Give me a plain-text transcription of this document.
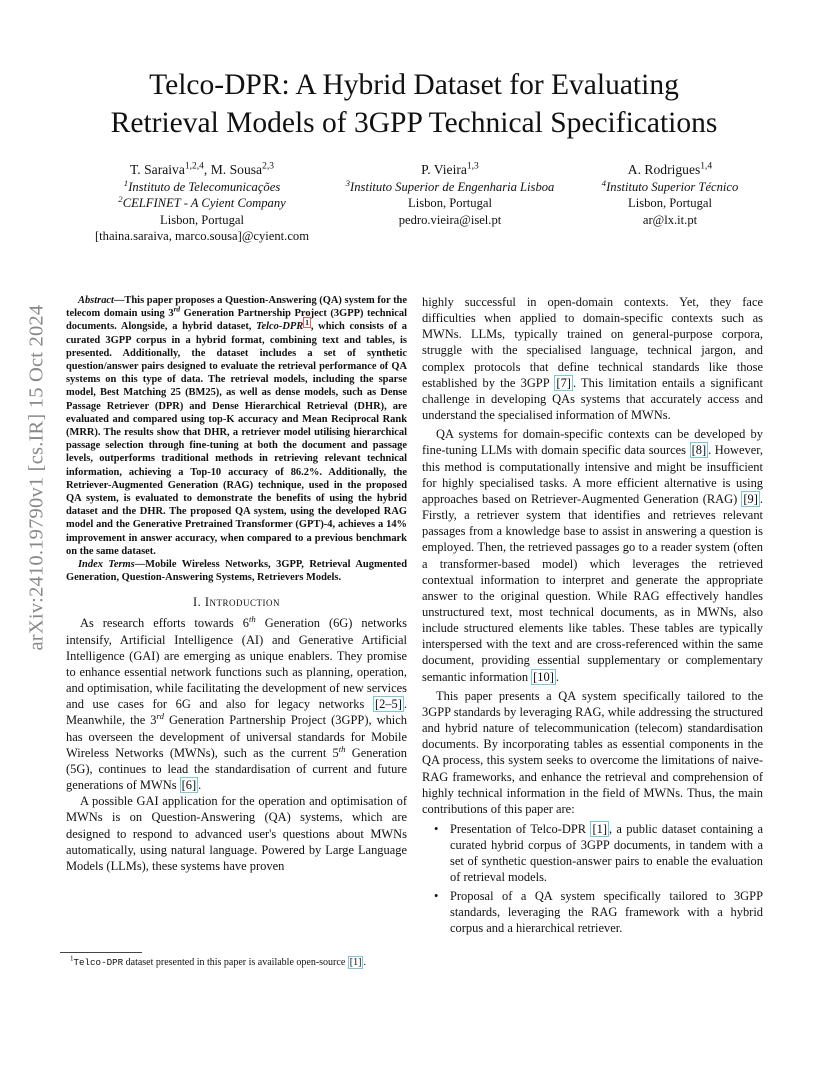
arXiv:2410.19790v1 [cs.IR] 15 Oct 2024
Telco-DPR: A Hybrid Dataset for Evaluating
Retrieval Models of 3GPP Technical Specifications
T. Saraiva$^{1,2,4}$, M. Sousa$^{2,3}$
$^1$Instituto de Telecomunicações
$^2$CELFINET - A Cyient Company
Lisbon, Portugal
[thaina.saraiva, marco.sousa]@cyient.com
P. Vieira$^{1,3}$
$^3$Instituto Superior de Engenharia Lisboa
Lisbon, Portugal
pedro.vieira@isel.pt
A. Rodrigues$^{1,4}$
$^4$Instituto Superior Técnico
Lisbon, Portugal
ar@lx.it.pt

Abstract—This paper proposes a Question-Answering (QA) system for the telecom domain using 3rd Generation Partnership Project (3GPP) technical documents. Alongside, a hybrid dataset, Telco-DPR $^1$ , which consists of a curated 3GPP corpus in a hybrid format, combining text and tables, is presented. Additionally, the dataset includes a set of synthetic question/answer pairs designed to evaluate the retrieval performance of QA systems on this type of data. The retrieval models, including the sparse model, Best Matching 25 (BM25), as well as dense models, such as Dense Passage Retriever (DPR) and Dense Hierarchical Retrieval (DHR), are evaluated and compared using top-K accuracy and Mean Reciprocal Rank (MRR). The results show that DHR, a retriever model utilising hierarchical passage selection through fine-tuning at both the document and passage levels, outperforms traditional methods in retrieving relevant technical information, achieving a Top-10 accuracy of 86.2%. Additionally, the Retriever-Augmented Generation (RAG) technique, used in the proposed QA system, is evaluated to demonstrate the benefits of using the hybrid dataset and the DHR. The proposed QA system, using the developed RAG model and the Generative Pretrained Transformer (GPT)-4, achieves a 14% improvement in answer accuracy, when compared to a previous benchmark on the same dataset.

Index Terms—Mobile Wireless Networks, 3GPP, Retrieval Augmented Generation, Question-Answering Systems, Retrievers Models.

I. Introduction

As research efforts towards 6th Generation (6G) networks intensify, Artificial Intelligence (AI) and Generative Artificial Intelligence (GAI) are emerging as unique enablers. They promise to enhance essential network functions such as planning, operation, and optimisation, while facilitating the development of new services and use cases for 6G and also for legacy networks [2–5] . Meanwhile, the 3rd Generation Partnership Project (3GPP), which has overseen the development of universal standards for Mobile Wireless Networks (MWNs), such as the current 5th Generation (5G), continues to lead the standardisation of current and future generations of MWNs [6] .

A possible GAI application for the operation and optimisation of MWNs is on Question-Answering (QA) systems, which are designed to respond to advanced user's questions about MWNs automatically, using natural language. Powered by Large Language Models (LLMs), these systems have proven

$^1$Telco-DPR dataset presented in this paper is available open-source [1] .

highly successful in open-domain contexts. Yet, they face difficulties when applied to domain-specific contexts such as MWNs. LLMs, typically trained on general-purpose corpora, struggle with the specialised language, technical jargon, and complex protocols that define technical standards like those established by the 3GPP [7] . This limitation entails a significant challenge in developing QAs systems that accurately access and understand the specialised information of MWNs.

QA systems for domain-specific contexts can be developed by fine-tuning LLMs with domain specific data sources [8] . However, this method is computationally intensive and might be insufficient for highly specialised tasks. A more efficient alternative is using approaches based on Retriever-Augmented Generation (RAG) [9] . Firstly, a retriever system that identifies and retrieves relevant passages from a knowledge base to assist in answering a question is employed. Then, the retrieved passages go to a reader system (often a transformer-based model) which leverages the retrieved contextual information to interpret and generate the appropriate answer to the original question. While RAG effectively handles unstructured text, most technical documents, as in MWNs, also include structured elements like tables. These tables are typically interspersed with the text and are cross-referenced within the same document, providing essential supplementary or complementary semantic information [10] .

This paper presents a QA system specifically tailored to the 3GPP standards by leveraging RAG, while addressing the structured and hybrid nature of telecommunication (telecom) standardisation documents. By incorporating tables as essential components in the QA process, this system seeks to overcome the limitations of naive-RAG frameworks, and enhance the retrieval and comprehension of highly technical information in the field of MWNs. Thus, the main contributions of this paper are:

• Presentation of Telco-DPR [1] , a public dataset containing a curated hybrid corpus of 3GPP documents, in tandem with a set of synthetic question-answer pairs to enable the evaluation of retrieval models.
• Proposal of a QA system specifically tailored to 3GPP standards, leveraging the RAG framework with a hybrid corpus and a hierarchical retriever.
